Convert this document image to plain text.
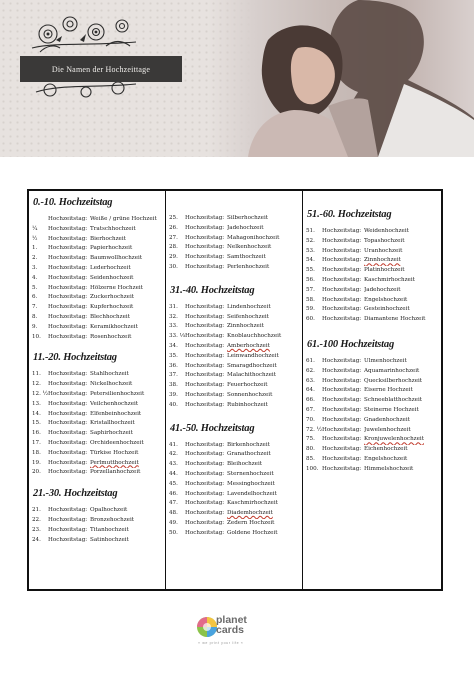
Die Namen der Hochzeittage
0.-10. Hochzeitstag
Hochzeitstag: Weiße / grüne Hochzeit
¼	Hochzeitstag: Tratschhochzeit
½	Hochzeitstag: Bierhochzeit
1.	Hochzeitstag: Papierhochzeit
2.	Hochzeitstag: Baumwollhochzeit
3.	Hochzeitstag: Lederhochzeit
4.	Hochzeitstag: Seidenhochzeit
5.	Hochzeitstag: Hölzerne Hochzeit
6.	Hochzeitstag: Zuckerhochzeit
7.	Hochzeitstag: Kupferhochzeit
8.	Hochzeitstag: Blechhochzeit
9.	Hochzeitstag: Keramikhochzeit
10.	Hochzeitstag: Rosenhochzeit
11.-20. Hochzeitstag
11.	Hochzeitstag: Stahlhochzeit
12.	Hochzeitstag: Nickelhochzeit
12. ½ Hochzeitstag: Petersilienhochzeit
13.	Hochzeitstag: Veilchenhochzeit
14.	Hochzeitstag: Elfenbeinhochzeit
15.	Hochzeitstag: Kristallhochzeit
16.	Hochzeitstag: Saphirhochzeit
17.	Hochzeitstag: Orchideenhochzeit
18.	Hochzeitstag: Türkise Hochzeit
19.	Hochzeitstag: Perlmutthochzeit
20.	Hochzeitstag: Porzellanhochzeit
21.-30. Hochzeitstag
21.	Hochzeitstag: Opalhochzeit
22.	Hochzeitstag: Bronzehochzeit
23.	Hochzeitstag: Titanhochzeit
24.	Hochzeitstag: Satinhochzeit
25.	Hochzeitstag: Silberhochzeit
26.	Hochzeitstag: Jadehochzeit
27.	Hochzeitstag: Mahagonihochzeit
28.	Hochzeitstag: Nelkenhochzeit
29.	Hochzeitstag: Samthochzeit
30.	Hochzeitstag: Perlenhochzeit
31.-40. Hochzeitstag
31.	Hochzeitstag: Lindenhochzeit
32.	Hochzeitstag: Seifenhochzeit
33.	Hochzeitstag: Zinnhochzeit
33. ⅓ Hochzeitstag: Knoblauchhochzeit
34.	Hochzeitstag: Amberhochzeit
35.	Hochzeitstag: Leinwandhochzeit
36.	Hochzeitstag: Smaragdhochzeit
37.	Hochzeitstag: Malachithochzeit
38.	Hochzeitstag: Feuerhochzeit
39.	Hochzeitstag: Sonnenhochzeit
40.	Hochzeitstag: Rubinhochzeit
41.-50. Hochzeitstag
41.	Hochzeitstag: Birkenhochzeit
42.	Hochzeitstag: Granathochzeit
43.	Hochzeitstag: Bleihochzeit
44.	Hochzeitstag: Sternenhochzeit
45.	Hochzeitstag: Messinghochzeit
46.	Hochzeitstag: Lavendelhochzeit
47.	Hochzeitstag: Kaschmirhochzeit
48.	Hochzeitstag: Diademhochzeit
49.	Hochzeitstag: Zedern Hochzeit
50.	Hochzeitstag: Goldene Hochzeit
51.-60. Hochzeitstag
51.	Hochzeitstag: Weidenhochzeit
52.	Hochzeitstag: Topashochzeit
53.	Hochzeitstag: Uranhochzeit
54.	Hochzeitstag: Zinnhochzeit
55.	Hochzeitstag: Platinhochzeit
56.	Hochzeitstag: Kaschmirhochzeit
57.	Hochzeitstag: Jadehochzeit
58.	Hochzeitstag: Engelshochzeit
59.	Hochzeitstag: Gesteinhochzeit
60.	Hochzeitstag: Diamantene Hochzeit
61.-100 Hochzeitstag
61.	Hochzeitstag: Ulmenhochzeit
62.	Hochzeitstag: Aquamarinhochzeit
63.	Hochzeitstag: Quecksilberhochzeit
64.	Hochzeitstag: Eiserne Hochzeit
66.	Hochzeitstag: Schneeblatthochzeit
67.	Hochzeitstag: Steinerne Hochzeit
70.	Hochzeitstag: Gnadenhochzeit
72. ½ Hochzeitstag: Juwelenhochzeit
75.	Hochzeitstag: Kronjuwelenhochzeit
80.	Hochzeitstag: Eichenhochzeit
85.	Hochzeitstag: Engelshochzeit
100. Hochzeitstag: Himmelshochzeit
planet
cards
» we print your life «
